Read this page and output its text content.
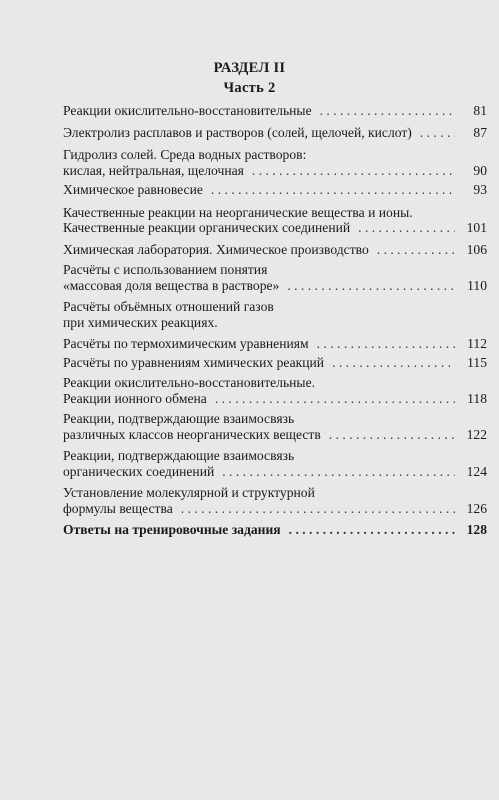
РАЗДЕЛ II
Часть 2
Реакции окислительно-восстановительные . . .	81
Электролиз расплавов и растворов (солей, щелочей, кислот) . . .	87
Гидролиз солей. Среда водных растворов:
кислая, нейтральная, щелочная . . .	90
Химическое равновесие . . .	93
Качественные реакции на неорганические вещества и ионы.
Качественные реакции органических соединений . . .	101
Химическая лаборатория. Химическое производство . . .	106
Расчёты с использованием понятия
«массовая доля вещества в растворе» . . .	110
Расчёты объёмных отношений газов
при химических реакциях.
Расчёты по термохимическим уравнениям . . .	112
Расчёты по уравнениям химических реакций . . .	115
Реакции окислительно-восстановительные.
Реакции ионного обмена . . .	118
Реакции, подтверждающие взаимосвязь
различных классов неорганических веществ . . .	122
Реакции, подтверждающие взаимосвязь
органических соединений . . .	124
Установление молекулярной и структурной
формулы вещества . . .	126
Ответы на тренировочные задания . . .	128
